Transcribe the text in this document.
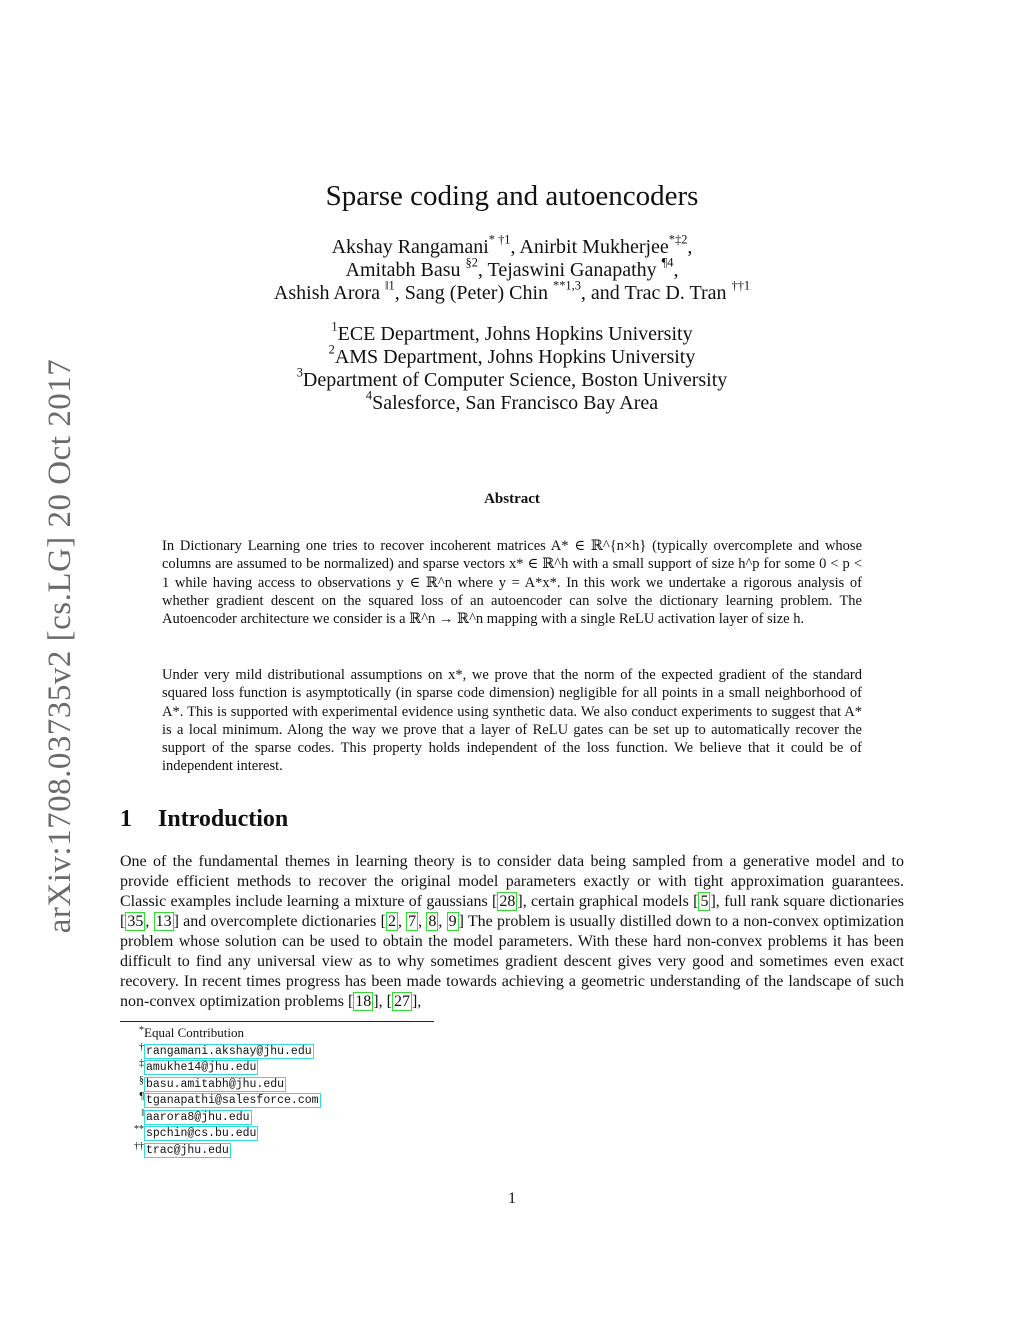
arXiv:1708.03735v2 [cs.LG] 20 Oct 2017
Sparse coding and autoencoders
Akshay Rangamani$^{* \dagger 1}$, Anirbit Mukherjee$^{*\ddagger 2}$,
Amitabh Basu $^{\S 2}$, Tejaswini Ganapathy $^{\P 4}$,
Ashish Arora $^{‖1}$, Sang (Peter) Chin $^{**1,3}$, and Trac D. Tran $^{\dagger\dagger 1}$
$^1$ECE Department, Johns Hopkins University
$^2$AMS Department, Johns Hopkins University
$^3$Department of Computer Science, Boston University
$^4$Salesforce, San Francisco Bay Area
Abstract

In Dictionary Learning one tries to recover incoherent matrices A* ∈ ℝ^{n×h} (typically overcomplete and whose columns are assumed to be normalized) and sparse vectors x* ∈ ℝ^h with a small support of size h^p for some 0 < p < 1 while having access to observations y ∈ ℝ^n where y = A*x*. In this work we undertake a rigorous analysis of whether gradient descent on the squared loss of an autoencoder can solve the dictionary learning problem. The Autoencoder architecture we consider is a ℝ^n → ℝ^n mapping with a single ReLU activation layer of size h.

Under very mild distributional assumptions on x*, we prove that the norm of the expected gradient of the standard squared loss function is asymptotically (in sparse code dimension) negligible for all points in a small neighborhood of A*. This is supported with experimental evidence using synthetic data. We also conduct experiments to suggest that A* is a local minimum. Along the way we prove that a layer of ReLU gates can be set up to automatically recover the support of the sparse codes. This property holds independent of the loss function. We believe that it could be of independent interest.

1 Introduction

One of the fundamental themes in learning theory is to consider data being sampled from a generative model and to provide efficient methods to recover the original model parameters exactly or with tight approximation guarantees. Classic examples include learning a mixture of gaussians [ 28 ], certain graphical models [ 5 ], full rank square dictionaries [ 35 , 13 ] and overcomplete dictionaries [ 2 , 7 , 8 , 9 ] The problem is usually distilled down to a non-convex optimization problem whose solution can be used to obtain the model parameters. With these hard non-convex problems it has been difficult to find any universal view as to why sometimes gradient descent gives very good and sometimes even exact recovery. In recent times progress has been made towards achieving a geometric understanding of the landscape of such non-convex optimization problems [ 18 ], [ 27 ],

*Equal Contribution
† rangamani.akshay@jhu.edu
‡ amukhe14@jhu.edu
§ basu.amitabh@jhu.edu
¶ tganapathi@salesforce.com
‖ aarora8@jhu.edu
** spchin@cs.bu.edu
†† trac@jhu.edu
1
